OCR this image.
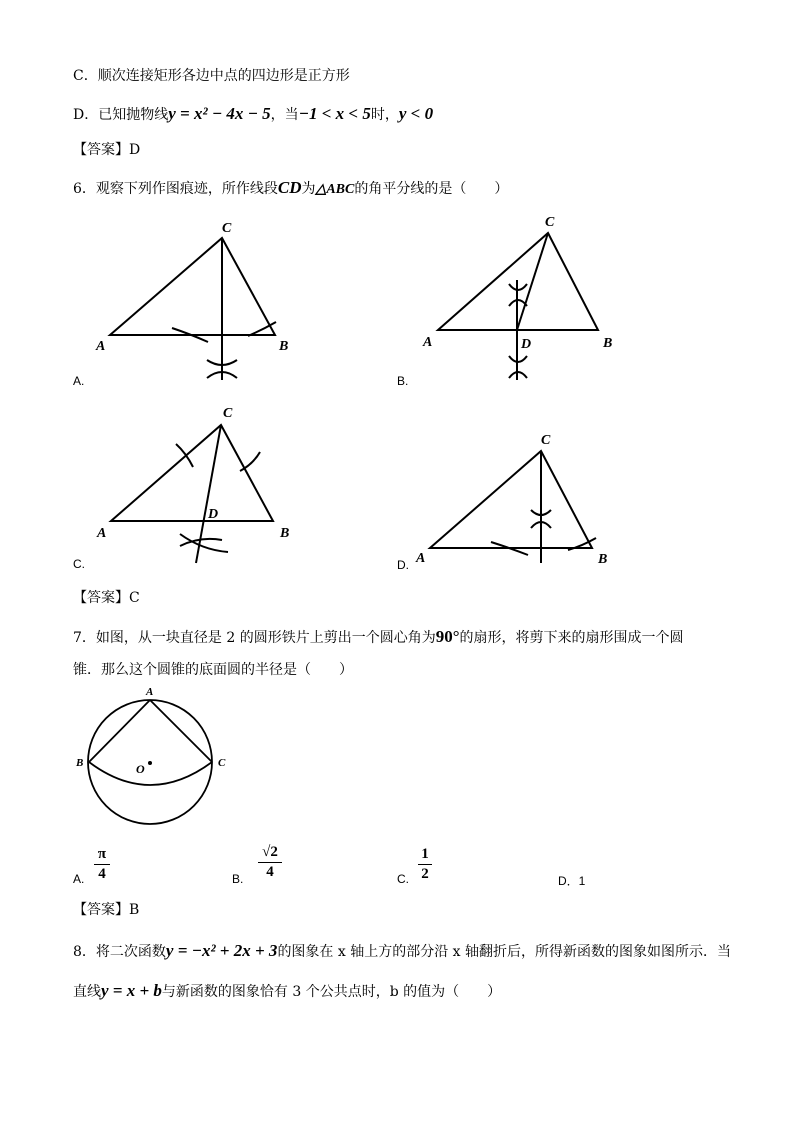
C．顺次连接矩形各边中点的四边形是正方形
D．已知抛物线y = x² − 4x − 5，当−1 < x < 5时，y < 0
【答案】D
6．观察下列作图痕迹，所作线段CD为△ABC的角平分线的是（　　）
C
A	B
A.
C
A	B
D
B.
C
A	B
D
C.
C
A	B
D.
【答案】C
7．如图，从一块直径是 2 的圆形铁片上剪出一个圆心角为90°的扇形，将剪下来的扇形围成一个圆
锥．那么这个圆锥的底面圆的半径是（　　）
A
B	C
O
A.
π
4	B.
√2
4	C.
1
2	D．1
【答案】B
8．将二次函数y = −x² + 2x + 3的图象在 x 轴上方的部分沿 x 轴翻折后，所得新函数的图象如图所示．当
直线y = x + b与新函数的图象恰有 3 个公共点时，b 的值为（　　）
